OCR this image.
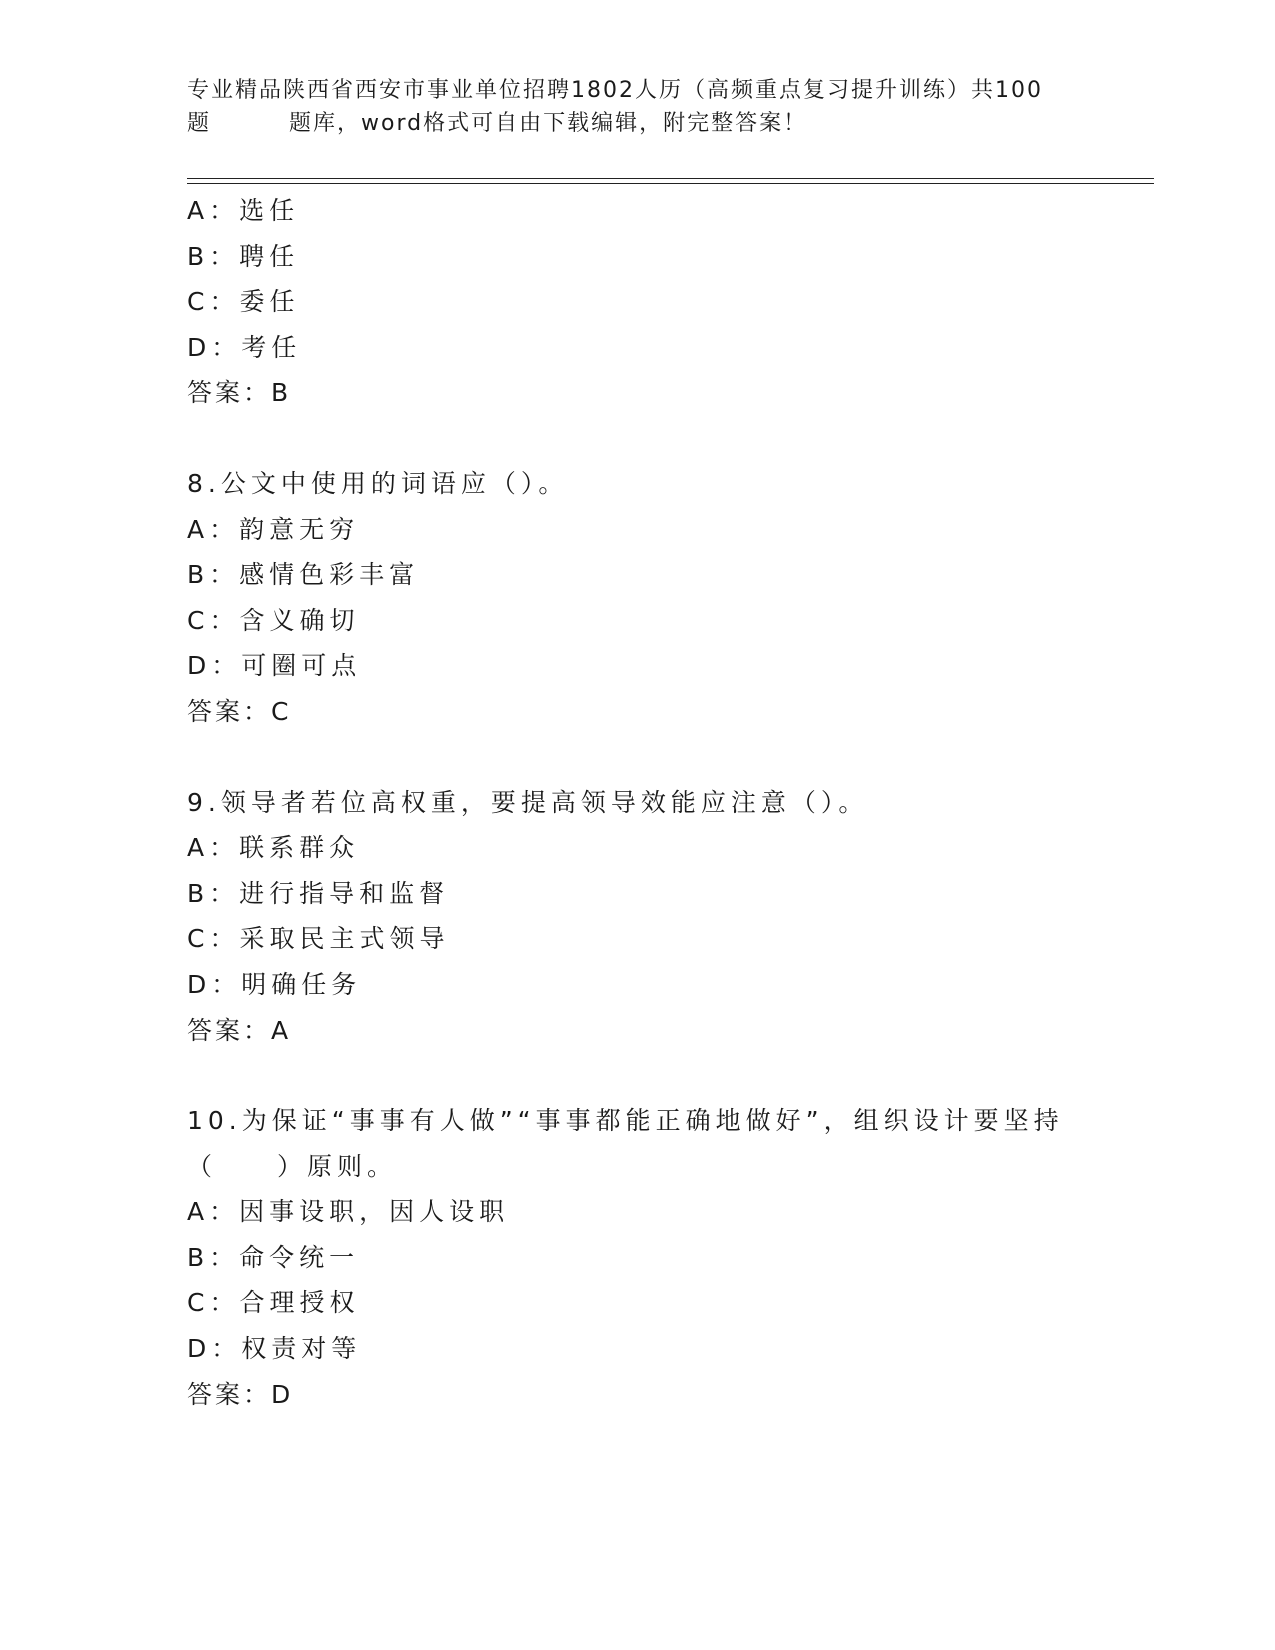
专业精品陕西省西安市事业单位招聘1802人历（高频重点复习提升训练）共100
题	题库，word格式可自由下载编辑，附完整答案！
A：选任
B：聘任
C：委任
D：考任
答案：B
8.公文中使用的词语应（）。
A：韵意无穷
B：感情色彩丰富
C：含义确切
D：可圈可点
答案：C
9.领导者若位高权重，要提高领导效能应注意（）。
A：联系群众
B：进行指导和监督
C：采取民主式领导
D：明确任务
答案：A
10.为保证“事事有人做”“事事都能正确地做好”，组织设计要坚持
（ ）原则。
A：因事设职，因人设职
B：命令统一
C：合理授权
D：权责对等
答案：D
